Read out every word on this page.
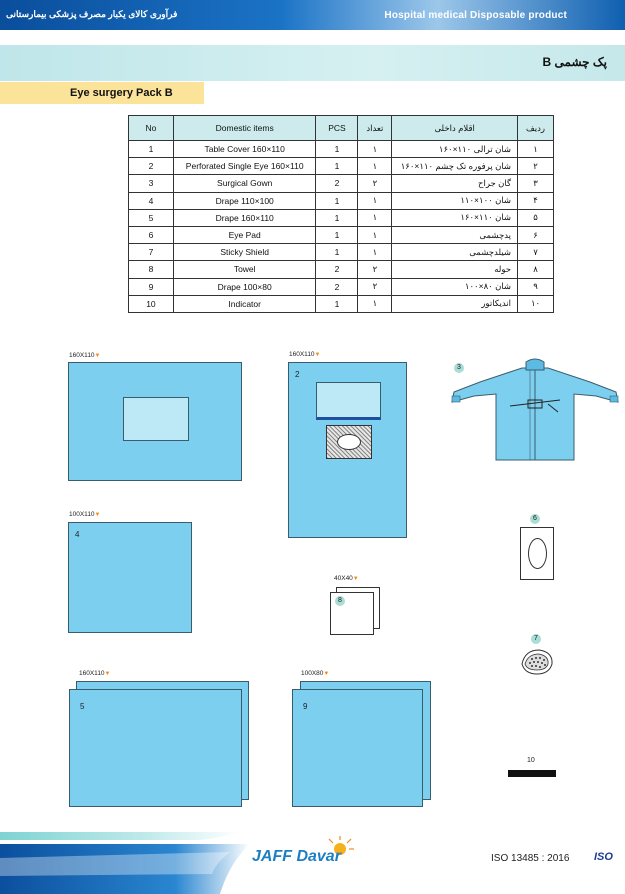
فرآوری کالای یکبار مصرف پزشکی بیمارستانی	Hospital medical Disposable product
پک چشمی B
Eye surgery Pack B
No	Domestic items	PCS	تعداد	اقلام داخلی	ردیف
1	Table Cover 160×110	1	۱	شان ترالی ۱۱۰×۱۶۰	۱
2	Perforated Single Eye 160×110	1	۱	شان پرفوره تک چشم ۱۱۰×۱۶۰	۲
3	Surgical Gown	2	۲	گان جراح	۳
4	Drape 110×100	1	۱	شان ۱۰۰×۱۱۰	۴
5	Drape 160×110	1	۱	شان ۱۱۰×۱۶۰	۵
6	Eye Pad	1	۱	پدچشمی	۶
7	Sticky Shield	1	۱	شیلدچشمی	۷
8	Towel	2	۲	حوله	۸
9	Drape 100×80	2	۲	شان ۸۰×۱۰۰	۹
10	Indicator	1	۱	اندیکاتور	۱۰
160X110▼	160X110▼
2
3
100X110▼
4
6
40X40▼
8
7
160X110▼
5
100X80▼
9
10
JAFF Davar	ISO 13485 : 2016 ISO
